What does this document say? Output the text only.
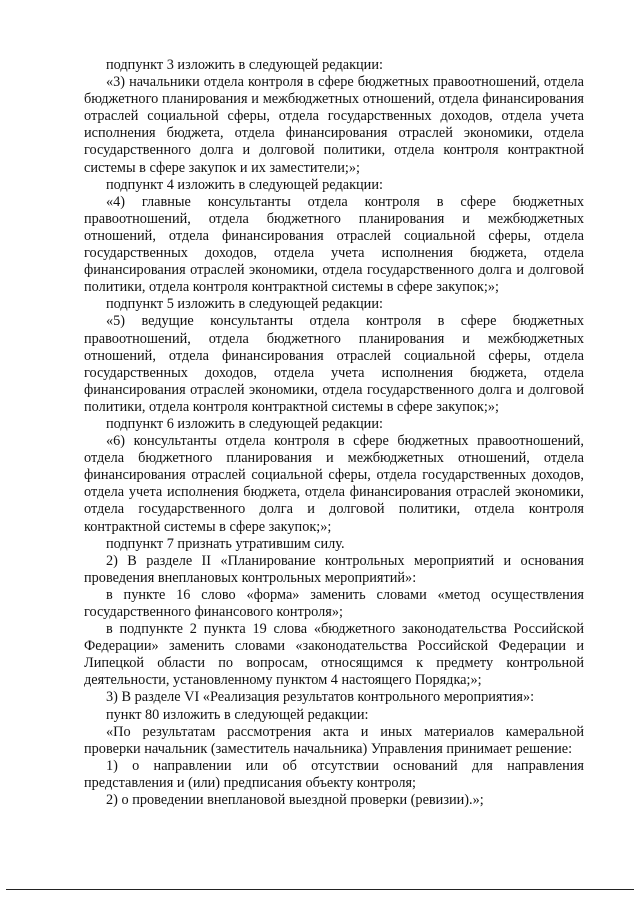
подпункт 3 изложить в следующей редакции:

«3) начальники отдела контроля в сфере бюджетных правоотношений, отдела бюджетного планирования и межбюджетных отношений, отдела финансирования отраслей социальной сферы, отдела государственных доходов, отдела учета исполнения бюджета, отдела финансирования отраслей экономики, отдела государственного долга и долговой политики, отдела контроля контрактной системы в сфере закупок и их заместители;»;

подпункт 4 изложить в следующей редакции:

«4) главные консультанты отдела контроля в сфере бюджетных правоотношений, отдела бюджетного планирования и межбюджетных отношений, отдела финансирования отраслей социальной сферы, отдела государственных доходов, отдела учета исполнения бюджета, отдела финансирования отраслей экономики, отдела государственного долга и долговой политики, отдела контроля контрактной системы в сфере закупок;»;

подпункт 5 изложить в следующей редакции:

«5) ведущие консультанты отдела контроля в сфере бюджетных правоотношений, отдела бюджетного планирования и межбюджетных отношений, отдела финансирования отраслей социальной сферы, отдела государственных доходов, отдела учета исполнения бюджета, отдела финансирования отраслей экономики, отдела государственного долга и долговой политики, отдела контроля контрактной системы в сфере закупок;»;

подпункт 6 изложить в следующей редакции:

«6) консультанты отдела контроля в сфере бюджетных правоотношений, отдела бюджетного планирования и межбюджетных отношений, отдела финансирования отраслей социальной сферы, отдела государственных доходов, отдела учета исполнения бюджета, отдела финансирования отраслей экономики, отдела государственного долга и долговой политики, отдела контроля контрактной системы в сфере закупок;»;

подпункт 7 признать утратившим силу.

2) В разделе II «Планирование контрольных мероприятий и основания проведения внеплановых контрольных мероприятий»:

в пункте 16 слово «форма» заменить словами «метод осуществления государственного финансового контроля»;

в подпункте 2 пункта 19 слова «бюджетного законодательства Российской Федерации» заменить словами «законодательства Российской Федерации и Липецкой области по вопросам, относящимся к предмету контрольной деятельности, установленному пунктом 4 настоящего Порядка;»;

3) В разделе VI «Реализация результатов контрольного мероприятия»:

пункт 80 изложить в следующей редакции:

«По результатам рассмотрения акта и иных материалов камеральной проверки начальник (заместитель начальника) Управления принимает решение:

1) о направлении или об отсутствии оснований для направления представления и (или) предписания объекту контроля;

2) о проведении внеплановой выездной проверки (ревизии).»;
